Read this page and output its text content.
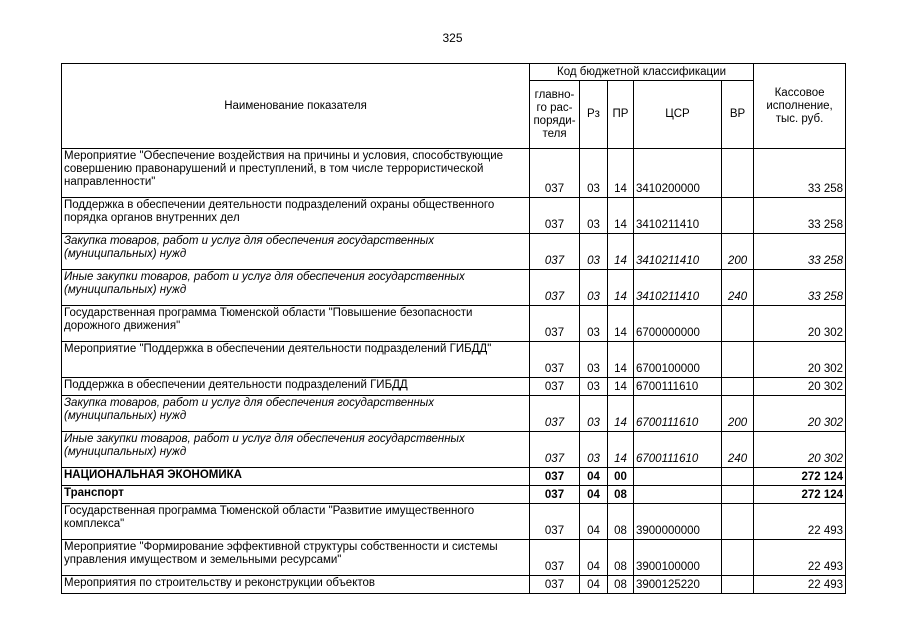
325
Наименование показателя	Код бюджетной классификации					Кассовое исполнение, тыс. руб.
	главно-
го рас-
поряди-
теля	Рз	ПР	ЦСР	ВР	
Мероприятие "Обеспечение воздействия на причины и условия, способствующие совершению правонарушений и преступлений, в том числе террористической направленности"	037	03	14	3410200000		33 258
Поддержка в обеспечении деятельности подразделений охраны общественного порядка органов внутренних дел	037	03	14	3410211410		33 258
Закупка товаров, работ и услуг для обеспечения государственных (муниципальных) нужд	037	03	14	3410211410	200	33 258
Иные закупки товаров, работ и услуг для обеспечения государственных (муниципальных) нужд	037	03	14	3410211410	240	33 258
Государственная программа Тюменской области "Повышение безопасности дорожного движения"	037	03	14	6700000000		20 302
Мероприятие "Поддержка в обеспечении деятельности подразделений ГИБДД"	037	03	14	6700100000		20 302
Поддержка в обеспечении деятельности подразделений ГИБДД	037	03	14	6700111610		20 302
Закупка товаров, работ и услуг для обеспечения государственных (муниципальных) нужд	037	03	14	6700111610	200	20 302
Иные закупки товаров, работ и услуг для обеспечения государственных (муниципальных) нужд	037	03	14	6700111610	240	20 302
НАЦИОНАЛЬНАЯ ЭКОНОМИКА	037	04	00			272 124
Транспорт	037	04	08			272 124
Государственная программа Тюменской области "Развитие имущественного комплекса"	037	04	08	3900000000		22 493
Мероприятие "Формирование эффективной структуры собственности и системы управления имуществом и земельными ресурсами"	037	04	08	3900100000		22 493
Мероприятия по строительству и реконструкции объектов	037	04	08	3900125220		22 493
